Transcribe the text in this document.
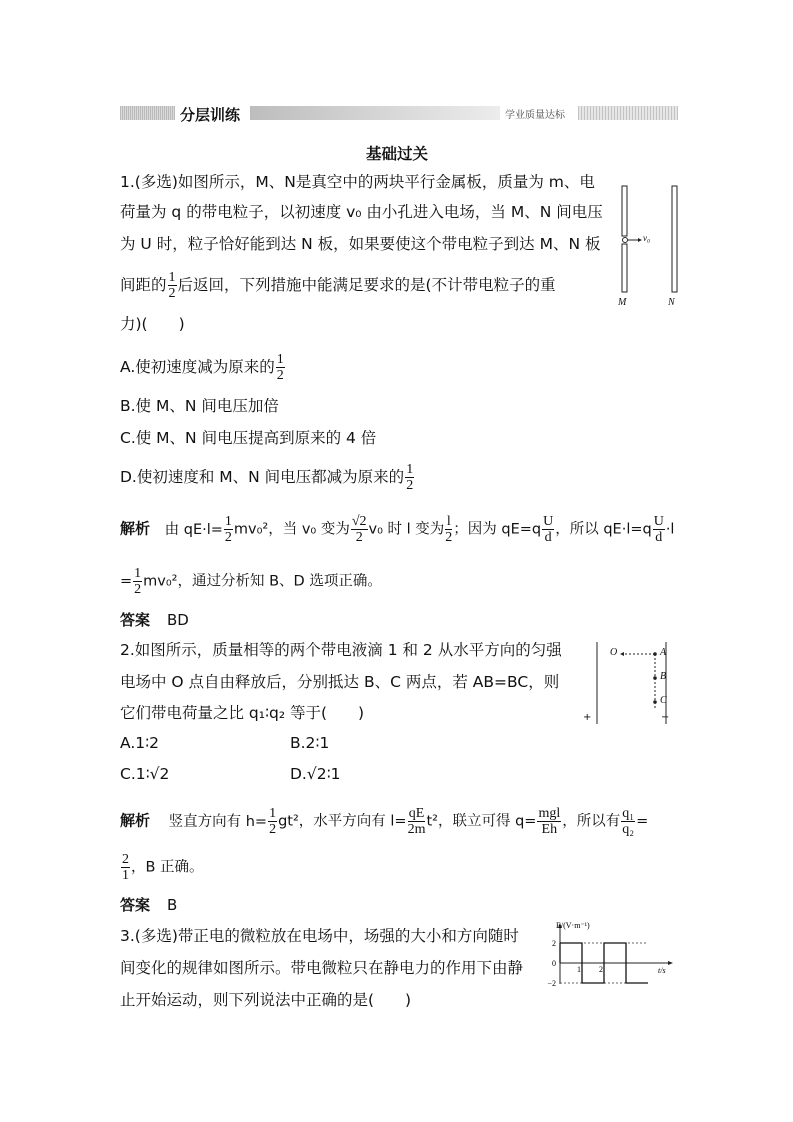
分层训练	学业质量达标
基础过关
1.(多选)如图所示，M、N是真空中的两块平行金属板，质量为 m、电
荷量为 q 的带电粒子，以初速度 v₀ 由小孔进入电场，当 M、N 间电压
为 U 时，粒子恰好能到达 N 板，如果要使这个带电粒子到达 M、N 板
间距的 $\frac{1}{2}$ 后返回，下列措施中能满足要求的是(不计带电粒子的重
力)(　　)
v₀
M	N
A.使初速度减为原来的 $\frac{1}{2}$
B.使 M、N 间电压加倍
C.使 M、N 间电压提高到原来的 4 倍
D.使初速度和 M、N 间电压都减为原来的 $\frac{1}{2}$
解析 由 $qE\cdot l= \frac{1}{2} mv_0^2$，当 v₀ 变为 $\frac{√2}{2} v_0$ 时 l 变为 $\frac{l}{2}$ ；因为 $qE=q \frac{U}{d}$ ，所以 $qE\cdot l=q \frac{U}{d} \cdot l$
= $\frac{1}{2} mv_0^2$，通过分析知 B、D 选项正确。
答案 BD
2.如图所示，质量相等的两个带电液滴 1 和 2 从水平方向的匀强
电场中 O 点自由释放后，分别抵达 B、C 两点，若 AB=BC，则
它们带电荷量之比 q₁∶q₂ 等于(　　)
O	A
B
C
+	−
A.1∶2	B.2∶1
C.1∶√2	D.√2∶1
解析 竖直方向有 $h= \frac{1}{2} gt^2$，水平方向有 $l= \frac{qE}{2m} t^2$，联立可得 $q= \frac{\text{mgl}}{Eh}$ ，所以有 $\frac{\text{q₁}}{\text{q₂}}$ =
$\frac{2}{1}$ ，B 正确。
答案 B
3.(多选)带正电的微粒放在电场中，场强的大小和方向随时
间变化的规律如图所示。带电微粒只在静电力的作用下由静
止开始运动，则下列说法中正确的是(　　)
2
0
−2
1 2
E/(V·m⁻¹)
t/s
